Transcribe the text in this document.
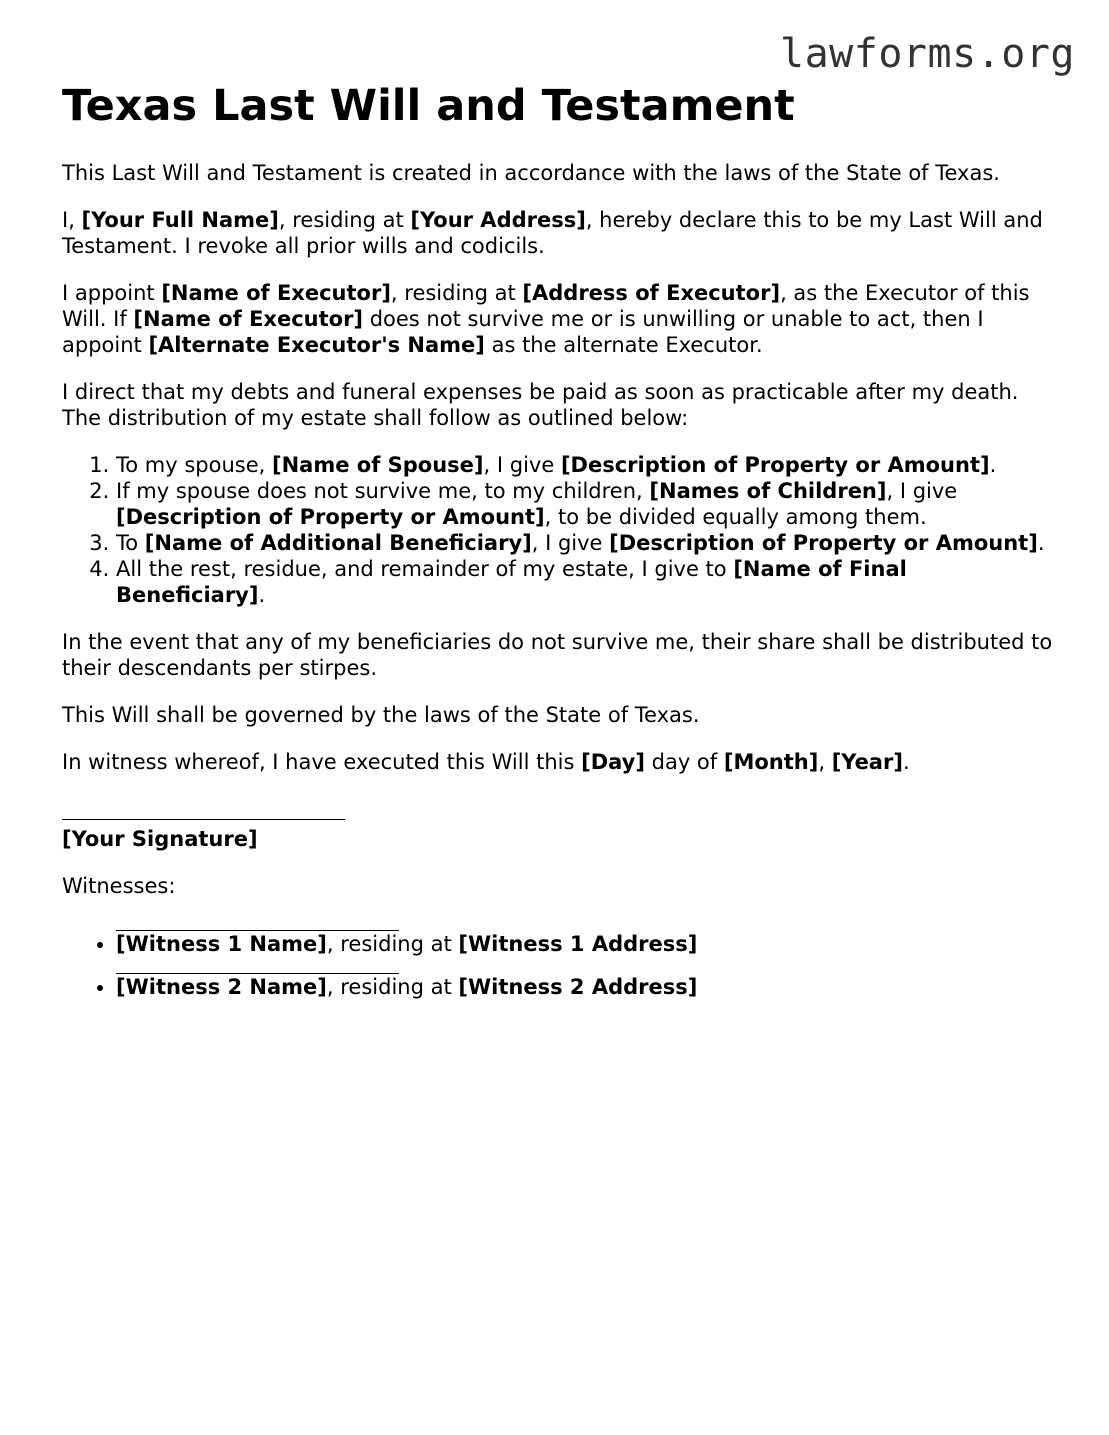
lawforms.org
Texas Last Will and Testament

This Last Will and Testament is created in accordance with the laws of the State of Texas.

I, [Your Full Name], residing at [Your Address], hereby declare this to be my Last Will and Testament. I revoke all prior wills and codicils.

I appoint [Name of Executor], residing at [Address of Executor], as the Executor of this Will. If [Name of Executor] does not survive me or is unwilling or unable to act, then I appoint [Alternate Executor's Name] as the alternate Executor.

I direct that my debts and funeral expenses be paid as soon as practicable after my death. The distribution of my estate shall follow as outlined below:

1. To my spouse, [Name of Spouse], I give [Description of Property or Amount].
2. If my spouse does not survive me, to my children, [Names of Children], I give [Description of Property or Amount], to be divided equally among them.
3. To [Name of Additional Beneficiary], I give [Description of Property or Amount].
4. All the rest, residue, and remainder of my estate, I give to [Name of Final Beneficiary].

In the event that any of my beneficiaries do not survive me, their share shall be distributed to their descendants per stirpes.

This Will shall be governed by the laws of the State of Texas.

In witness whereof, I have executed this Will this [Day] day of [Month], [Year].

[Your Signature]

Witnesses:

• [Witness 1 Name], residing at [Witness 1 Address]
• [Witness 2 Name], residing at [Witness 2 Address]
